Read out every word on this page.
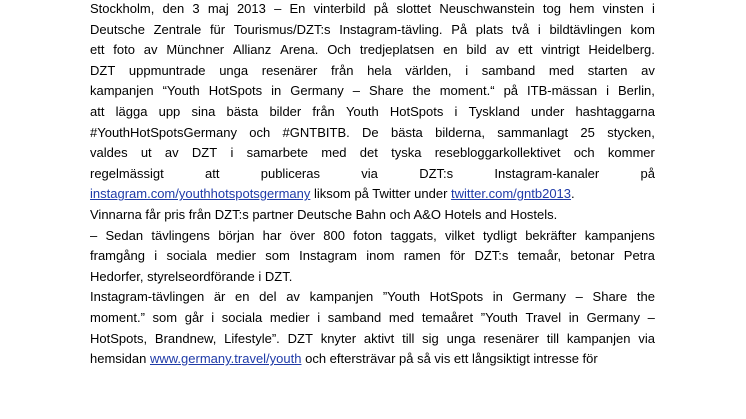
Stockholm, den 3 maj 2013 – En vinterbild på slottet Neuschwanstein tog hem vinsten i
Deutsche Zentrale für Tourismus/DZT:s Instagram-tävling. På plats två i bildtävlingen kom
ett foto av Münchner Allianz Arena. Och tredjeplatsen en bild av ett vintrigt Heidelberg.
DZT uppmuntrade unga resenärer från hela världen, i samband med starten av
kampanjen “Youth HotSpots in Germany – Share the moment.“ på ITB-mässan i Berlin,
att lägga upp sina bästa bilder från Youth HotSpots i Tyskland under hashtaggarna
#YouthHotSpotsGermany och #GNTBITB. De bästa bilderna, sammanlagt 25 stycken,
valdes ut av DZT i samarbete med det tyska resebloggarkollektivet och kommer
regelmässigt	att	publiceras	via	DZT:s	Instagram-kanaler	på
instagram.com/youthhotspotsgermany liksom på Twitter under twitter.com/gntb2013.
Vinnarna får pris från DZT:s partner Deutsche Bahn och A&O Hotels and Hostels.
– Sedan tävlingens början har över 800 foton taggats, vilket tydligt bekräfter kampanjens
framgång i sociala medier som Instagram inom ramen för DZT:s temaår, betonar Petra
Hedorfer, styrelseordförande i DZT.
Instagram-tävlingen är en del av kampanjen ”Youth HotSpots in Germany – Share the
moment.” som går i sociala medier i samband med temaåret ”Youth Travel in Germany –
HotSpots, Brandnew, Lifestyle”. DZT knyter aktivt till sig unga resenärer till kampanjen via
hemsidan www.germany.travel/youth och eftersträvar på så vis ett långsiktigt intresse för
